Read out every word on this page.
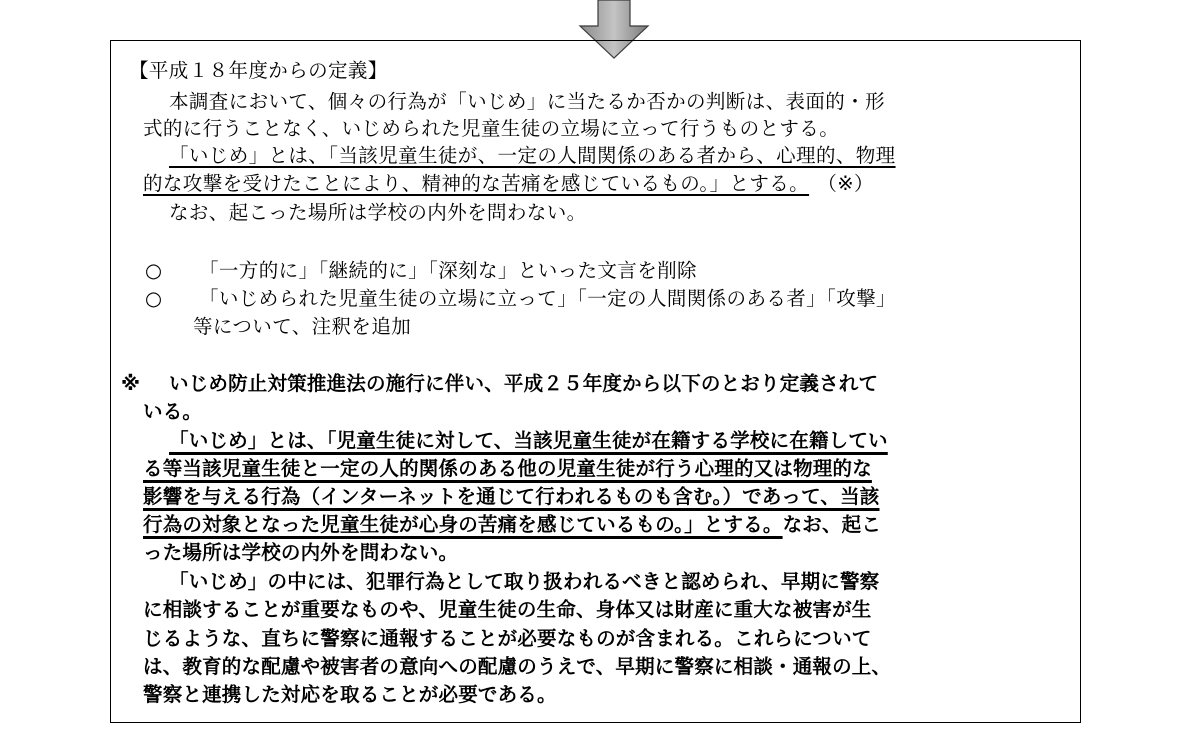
【平成１８年度からの定義】
本調査において、個々の行為が「いじめ」に当たるか否かの判断は、表面的・形
式的に行うことなく、いじめられた児童生徒の立場に立って行うものとする。
「いじめ」とは、「当該児童生徒が、一定の人間関係のある者から、心理的、物理
的な攻撃を受けたことにより、精神的な苦痛を感じているもの。」とする。 （※）
なお、起こった場所は学校の内外を問わない。
○ 「一方的に」「継続的に」「深刻な」といった文言を削除
○ 「いじめられた児童生徒の立場に立って」「一定の人間関係のある者」「攻撃」
等について、注釈を追加
※ いじめ防止対策推進法の施行に伴い、平成２５年度から以下のとおり定義されて
いる。
「いじめ」とは、「児童生徒に対して、当該児童生徒が在籍する学校に在籍してい
る等当該児童生徒と一定の人的関係のある他の児童生徒が行う心理的又は物理的な
影響を与える行為（インターネットを通じて行われるものも含む。）であって、当該
行為の対象となった児童生徒が心身の苦痛を感じているもの。」とする。なお、起こ
った場所は学校の内外を問わない。
「いじめ」の中には、犯罪行為として取り扱われるべきと認められ、早期に警察
に相談することが重要なものや、児童生徒の生命、身体又は財産に重大な被害が生
じるような、直ちに警察に通報することが必要なものが含まれる。これらについて
は、教育的な配慮や被害者の意向への配慮のうえで、早期に警察に相談・通報の上、
警察と連携した対応を取ることが必要である。
